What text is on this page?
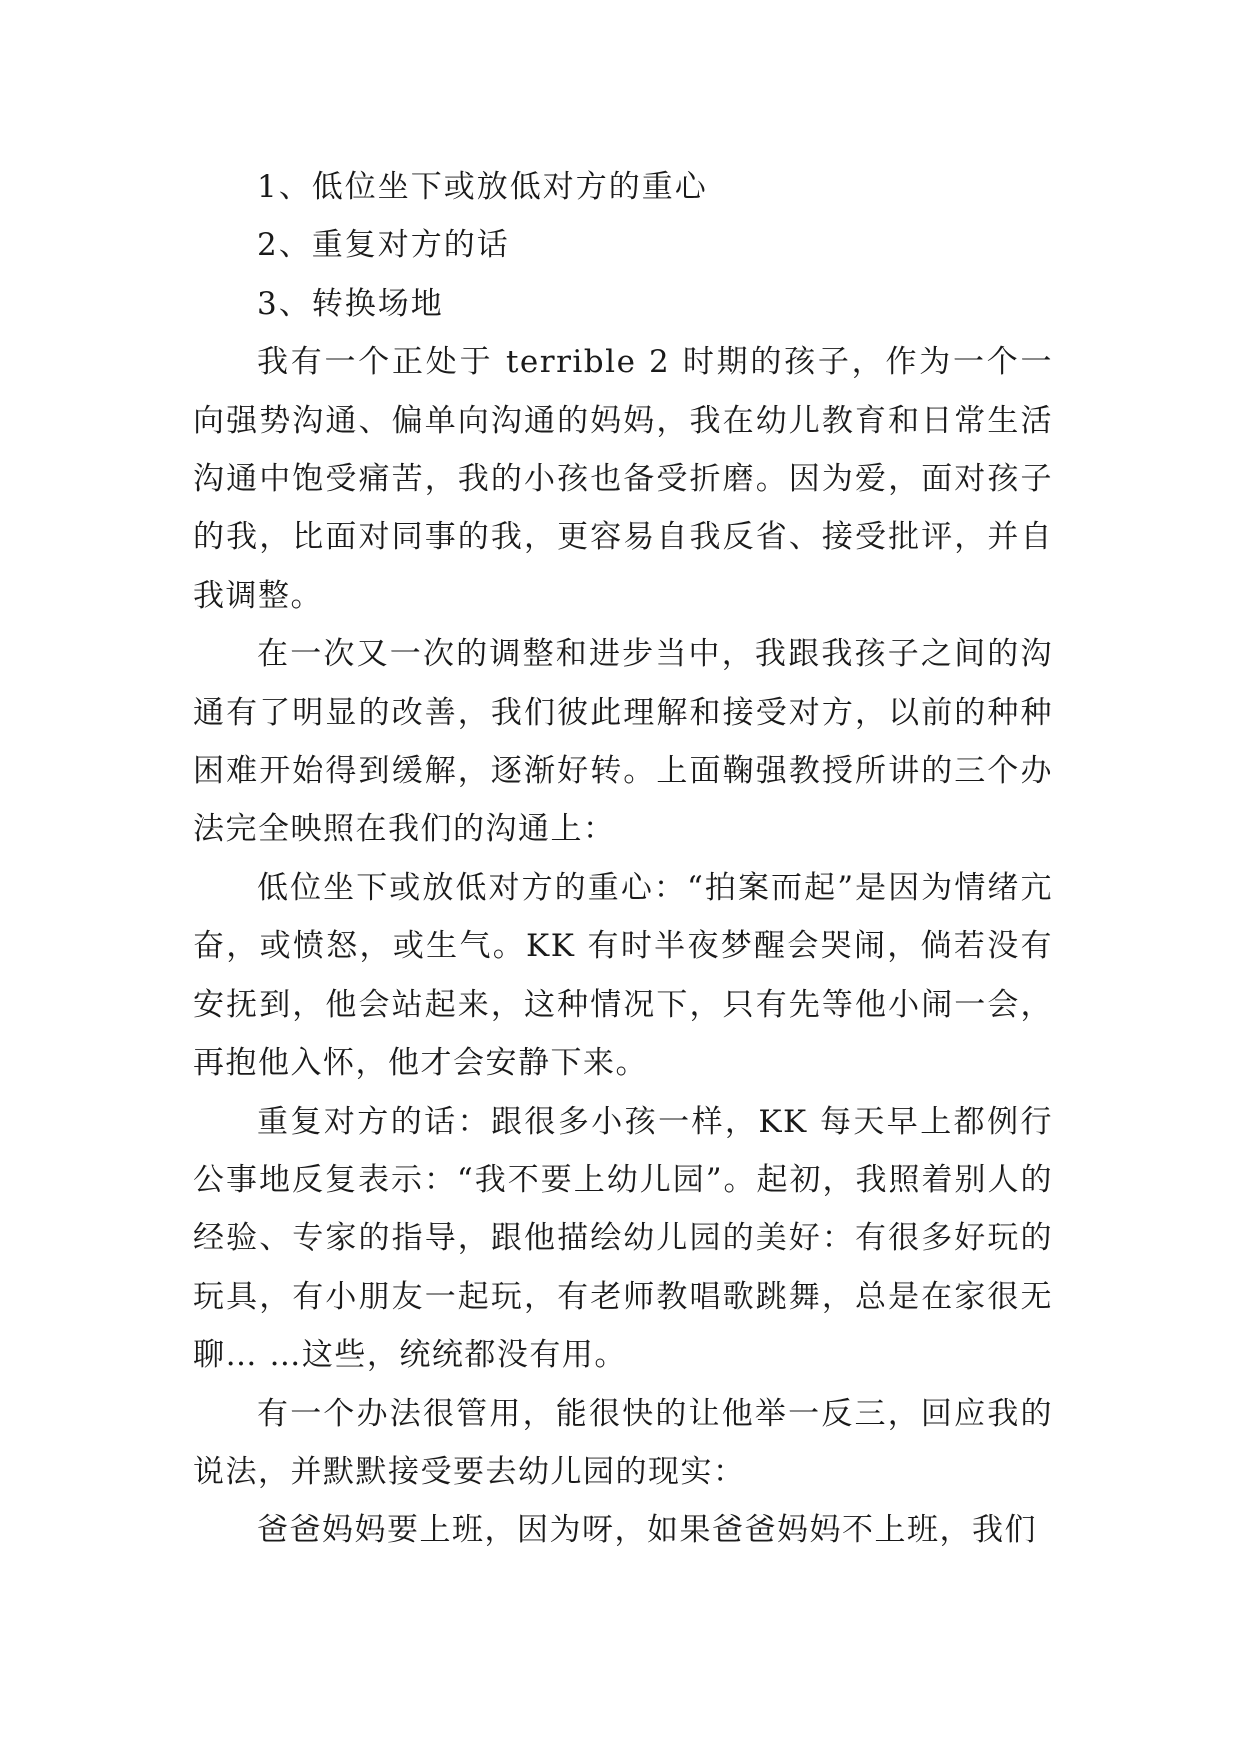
1、低位坐下或放低对方的重心

2、重复对方的话

3、转换场地

我有一个正处于 terrible 2 时期的孩子，作为一个一向强势沟通、偏单向沟通的妈妈，我在幼儿教育和日常生活沟通中饱受痛苦，我的小孩也备受折磨。因为爱，面对孩子的我，比面对同事的我，更容易自我反省、接受批评，并自我调整。

在一次又一次的调整和进步当中，我跟我孩子之间的沟通有了明显的改善，我们彼此理解和接受对方，以前的种种困难开始得到缓解，逐渐好转。上面鞠强教授所讲的三个办法完全映照在我们的沟通上：

低位坐下或放低对方的重心：“拍案而起”是因为情绪亢奋，或愤怒，或生气。KK 有时半夜梦醒会哭闹，倘若没有安抚到，他会站起来，这种情况下，只有先等他小闹一会，再抱他入怀，他才会安静下来。

重复对方的话：跟很多小孩一样，KK 每天早上都例行公事地反复表示：“我不要上幼儿园”。起初，我照着别人的经验、专家的指导，跟他描绘幼儿园的美好：有很多好玩的玩具，有小朋友一起玩，有老师教唱歌跳舞，总是在家很无聊… …这些，统统都没有用。

有一个办法很管用，能很快的让他举一反三，回应我的说法，并默默接受要去幼儿园的现实：

爸爸妈妈要上班，因为呀，如果爸爸妈妈不上班，我们
